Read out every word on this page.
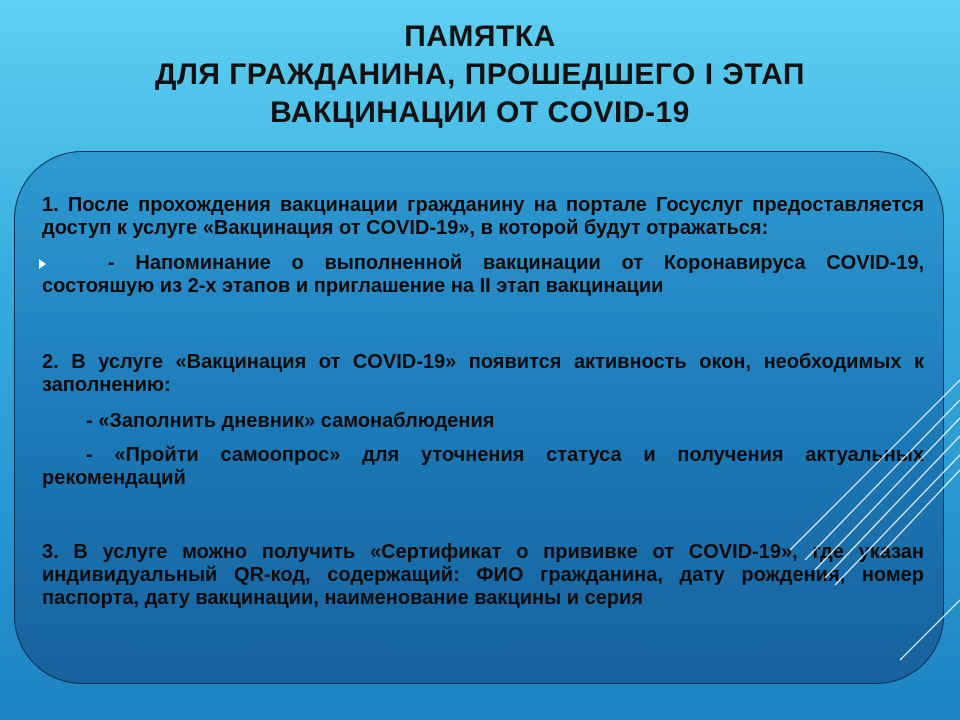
ПАМЯТКА
ДЛЯ ГРАЖДАНИНА, ПРОШЕДШЕГО I ЭТАП
ВАКЦИНАЦИИ ОТ COVID-19

1. После прохождения вакцинации гражданину на портале Госуслуг предоставляется доступ к услуге «Вакцинация от COVID-19», в которой будут отражаться:

- Напоминание о выполненной вакцинации от Коронавируса COVID-19, состояшую из 2-х этапов и приглашение на II этап вакцинации

2. В услуге «Вакцинация от COVID-19» появится активность окон, необходимых к заполнению:

- «Заполнить дневник» самонаблюдения

- «Пройти самоопрос» для уточнения статуса и получения актуальных рекомендаций

3. В услуге можно получить «Сертификат о прививке от COVID-19», где указан индивидуальный QR-код, содержащий: ФИО гражданина, дату рождения, номер паспорта, дату вакцинации, наименование вакцины и серия
